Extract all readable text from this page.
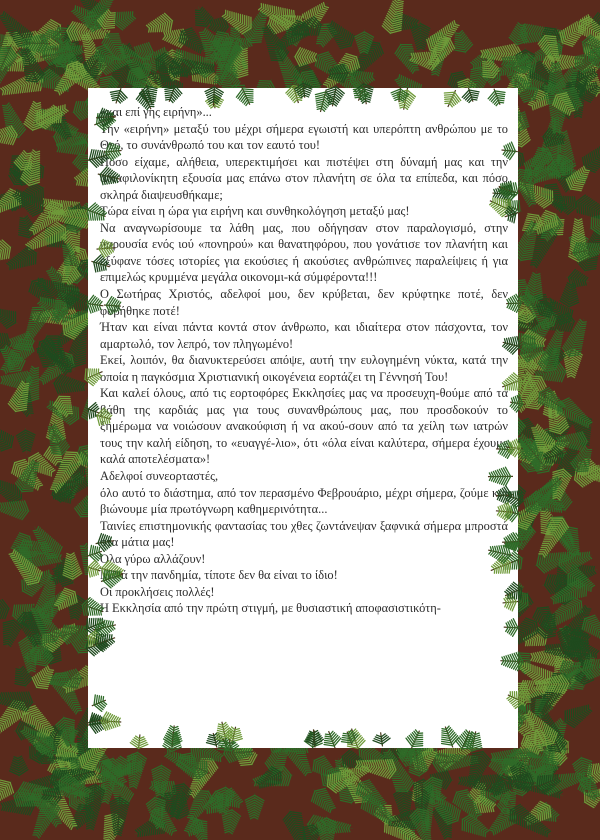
«και επί γης ειρήνη»...

Την «ειρήνη» μεταξύ του μέχρι σήμερα εγωιστή και υπερόπτη ανθρώπου με το Θεό, το συνάνθρωπό του και τον εαυτό του!

Πόσο είχαμε, αλήθεια, υπερεκτιμήσει και πιστέψει στη δύναμή μας και την αδιαφιλονίκητη εξουσία μας επάνω στον πλανήτη σε όλα τα επίπεδα, και πόσο σκληρά διαψευσθήκαμε;

Τώρα είναι η ώρα για ειρήνη και συνθηκολόγηση μεταξύ μας!

Να αναγνωρίσουμε τα λάθη μας, που οδήγησαν στον παραλογισμό, στην παρουσία ενός ιού «πονηρού» και θανατηφόρου, που γονάτισε τον πλανήτη και εξύφανε τόσες ιστορίες για εκούσιες ή ακούσιες ανθρώπινες παραλείψεις ή για επιμελώς κρυμμένα μεγάλα οικονομι-κά σύμφέροντα!!!

Ο Σωτήρας Χριστός, αδελφοί μου, δεν κρύβεται, δεν κρύφτηκε ποτέ, δεν φοβήθηκε ποτέ!

Ήταν και είναι πάντα κοντά στον άνθρωπο, και ιδιαίτερα στον πάσχοντα, τον αμαρτωλό, τον λεπρό, τον πληγωμένο!

Εκεί, λοιπόν, θα διανυκτερεύσει απόψε, αυτή την ευλογημένη νύκτα, κατά την οποία η παγκόσμια Χριστιανική οικογένεια εορτάζει τη Γέννησή Του!

Και καλεί όλους, από τις εορτοφόρες Εκκλησίες μας να προσευχη-θούμε από τα βάθη της καρδιάς μας για τους συνανθρώπους μας, που προσδοκούν το ξημέρωμα να νοιώσουν ανακούφιση ή να ακού-σουν από τα χείλη των ιατρών τους την καλή είδηση, το «ευαγγέ-λιο», ότι «όλα είναι καλύτερα, σήμερα έχουμε καλά αποτελέσματα»!

Αδελφοί συνεορταστές,

όλο αυτό το διάστημα, από τον περασμένο Φεβρουάριο, μέχρι σήμερα, ζούμε και βιώνουμε μία πρωτόγνωρη καθημερινότητα...

Ταινίες επιστημονικής φαντασίας του χθες ζωντάνεψαν ξαφνικά σήμερα μπροστά στα μάτια μας!

Όλα γύρω αλλάζουν!

Μετά την πανδημία, τίποτε δεν θα είναι το ίδιο!

Οι προκλήσεις πολλές!

Η Εκκλησία από την πρώτη στιγμή, με θυσιαστική αποφασιστικότη-
